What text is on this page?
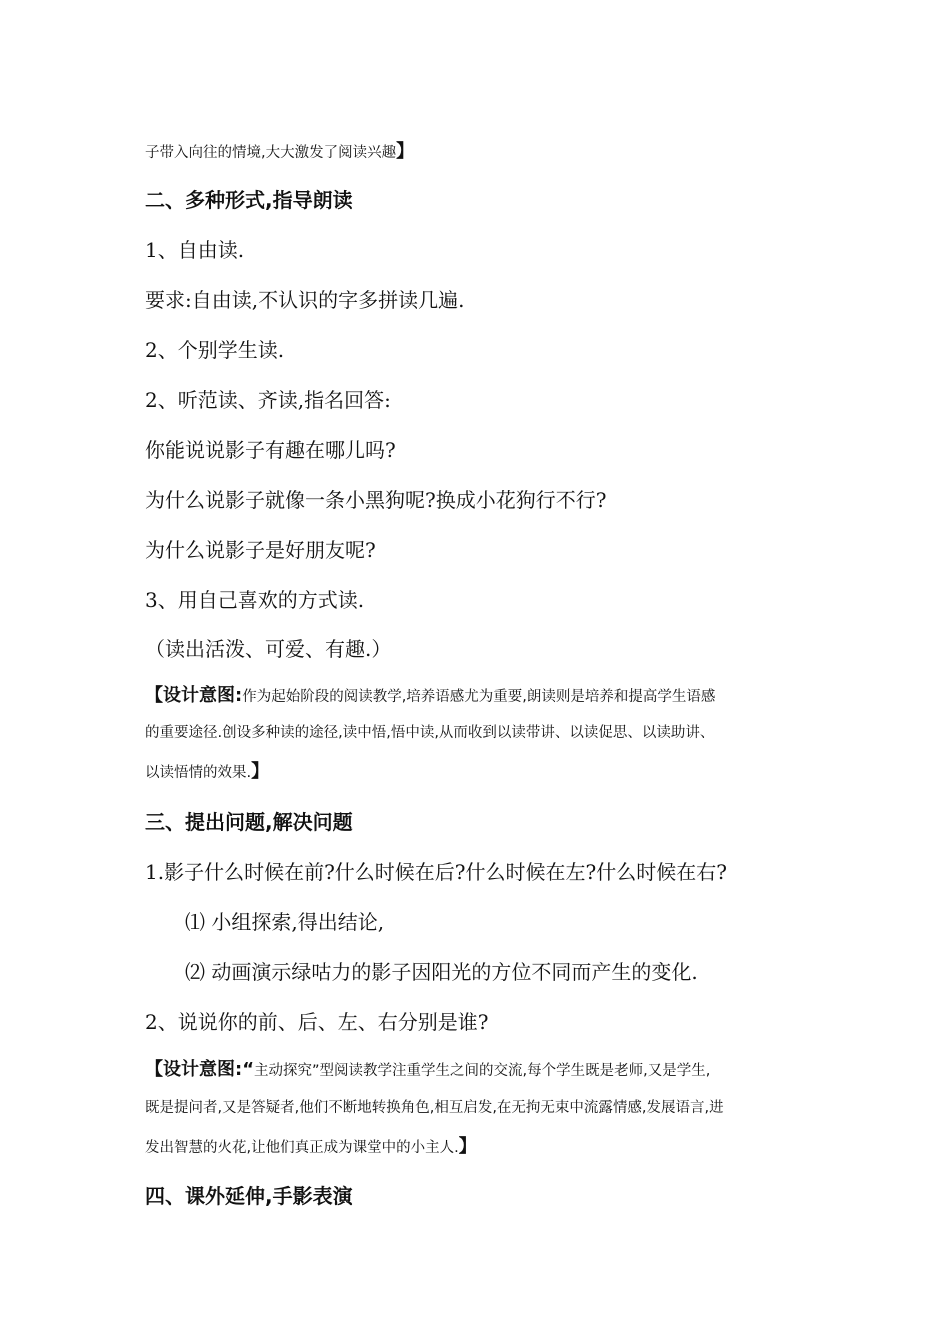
子带入向往的情境,大大激发了阅读兴趣】
二、多种形式,指导朗读
1、自由读.
要求:自由读,不认识的字多拼读几遍.
2、个别学生读.
2、听范读、齐读,指名回答:
你能说说影子有趣在哪儿吗?
为什么说影子就像一条小黑狗呢?换成小花狗行不行?
为什么说影子是好朋友呢?
3、用自己喜欢的方式读.
（读出活泼、可爱、有趣.）
【设计意图:作为起始阶段的阅读教学,培养语感尤为重要,朗读则是培养和提高学生语感
的重要途径.创设多种读的途径,读中悟,悟中读,从而收到以读带讲、以读促思、以读助讲、
以读悟情的效果.】
三、提出问题,解决问题
1.影子什么时候在前?什么时候在后?什么时候在左?什么时候在右?
⑴ 小组探索,得出结论,
⑵ 动画演示绿咕力的影子因阳光的方位不同而产生的变化.
2、说说你的前、后、左、右分别是谁?
【设计意图:“主动探究”型阅读教学注重学生之间的交流,每个学生既是老师,又是学生,
既是提问者,又是答疑者,他们不断地转换角色,相互启发,在无拘无束中流露情感,发展语言,进
发出智慧的火花,让他们真正成为课堂中的小主人.】
四、课外延伸,手影表演
